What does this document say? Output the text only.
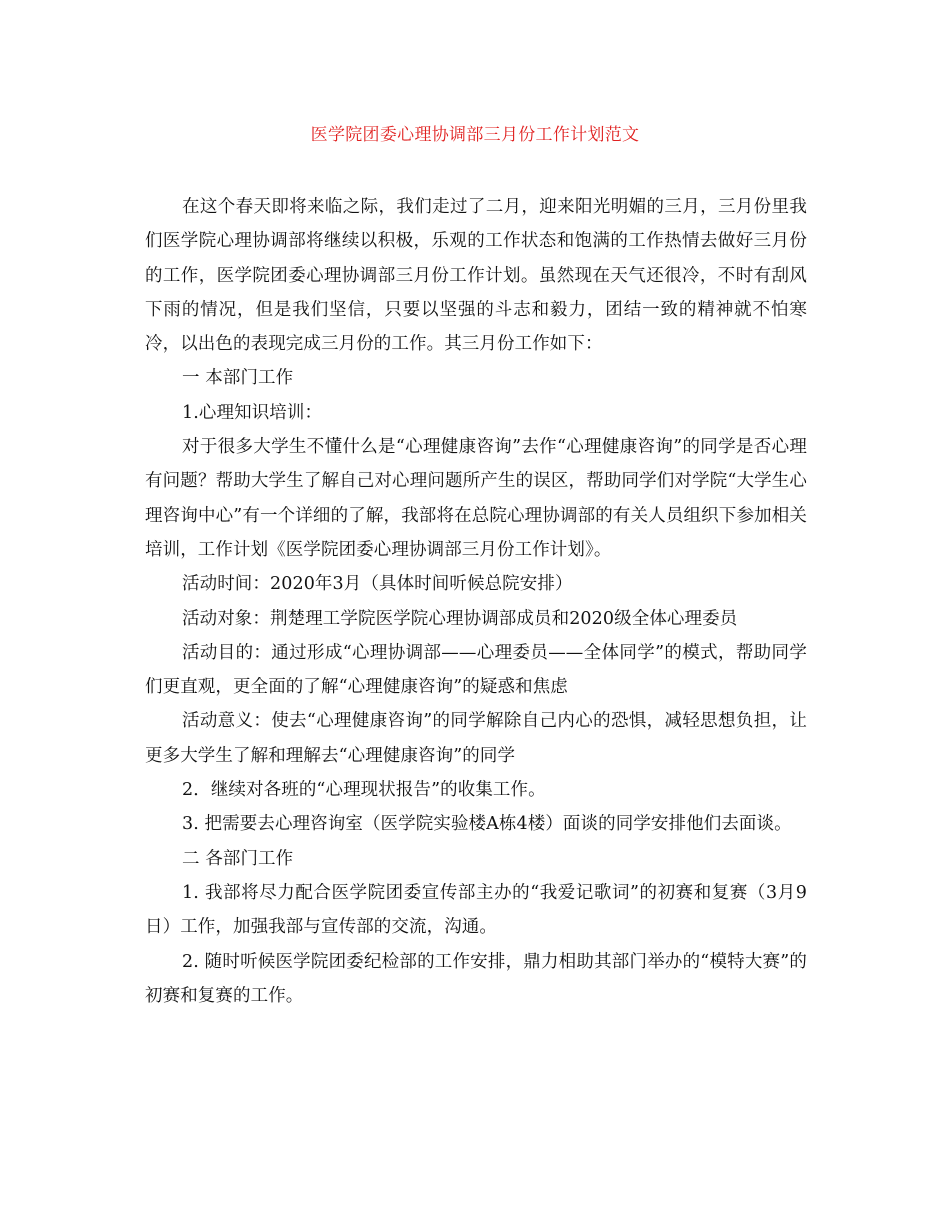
医学院团委心理协调部三月份工作计划范文

在这个春天即将来临之际，我们走过了二月，迎来阳光明媚的三月，三月份里我们医学院心理协调部将继续以积极，乐观的工作状态和饱满的工作热情去做好三月份的工作，医学院团委心理协调部三月份工作计划。虽然现在天气还很冷，不时有刮风下雨的情况，但是我们坚信，只要以坚强的斗志和毅力，团结一致的精神就不怕寒冷，以出色的表现完成三月份的工作。其三月份工作如下：

一 本部门工作

1.心理知识培训：

对于很多大学生不懂什么是“心理健康咨询”去作“心理健康咨询”的同学是否心理有问题？帮助大学生了解自己对心理问题所产生的误区，帮助同学们对学院“大学生心理咨询中心”有一个详细的了解，我部将在总院心理协调部的有关人员组织下参加相关培训，工作计划《医学院团委心理协调部三月份工作计划》。

活动时间：2020年3月（具体时间听候总院安排）

活动对象：荆楚理工学院医学院心理协调部成员和2020级全体心理委员

活动目的：通过形成“心理协调部——心理委员——全体同学”的模式，帮助同学们更直观，更全面的了解“心理健康咨询”的疑惑和焦虑

活动意义：使去“心理健康咨询”的同学解除自己内心的恐惧，减轻思想负担，让更多大学生了解和理解去“心理健康咨询”的同学

2．继续对各班的“心理现状报告”的收集工作。

3. 把需要去心理咨询室（医学院实验楼A栋4楼）面谈的同学安排他们去面谈。

二 各部门工作

1. 我部将尽力配合医学院团委宣传部主办的“我爱记歌词”的初赛和复赛（3月9日）工作，加强我部与宣传部的交流，沟通。

2. 随时听候医学院团委纪检部的工作安排，鼎力相助其部门举办的“模特大赛”的初赛和复赛的工作。
